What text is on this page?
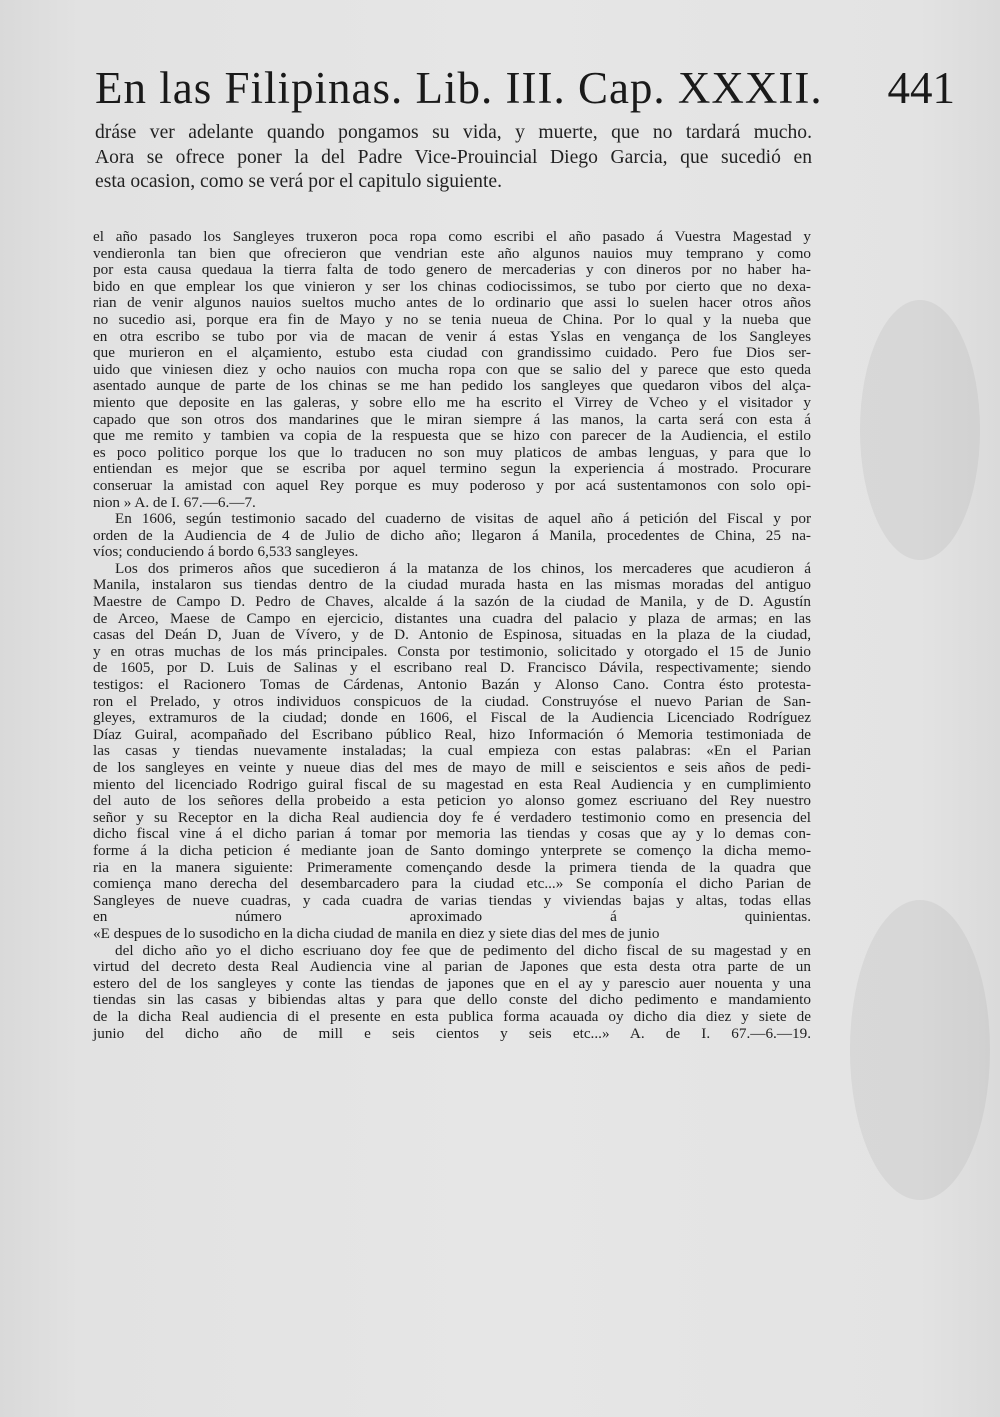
En las Filipinas. Lib. III. Cap. XXXII. 441
dráse ver adelante quando pongamos su vida, y muerte, que no tardará mucho.
Aora se ofrece poner la del Padre Vice-Prouincial Diego Garcia, que sucedió en
esta ocasion, como se verá por el capitulo siguiente.
el año pasado los Sangleyes truxeron poca ropa como escribi el año pasado á Vuestra Magestad y
vendieronla tan bien que ofrecieron que vendrian este año algunos nauios muy temprano y como
por esta causa quedaua la tierra falta de todo genero de mercaderias y con dineros por no haber ha-
bido en que emplear los que vinieron y ser los chinas codiocissimos, se tubo por cierto que no dexa-
rian de venir algunos nauios sueltos mucho antes de lo ordinario que assi lo suelen hacer otros años
no sucedio asi, porque era fin de Mayo y no se tenia nueua de China. Por lo qual y la nueba que
en otra escribo se tubo por via de macan de venir á estas Yslas en vengança de los Sangleyes
que murieron en el alçamiento, estubo esta ciudad con grandissimo cuidado. Pero fue Dios ser-
uido que viniesen diez y ocho nauios con mucha ropa con que se salio del y parece que esto queda
asentado aunque de parte de los chinas se me han pedido los sangleyes que quedaron vibos del alça-
miento que deposite en las galeras, y sobre ello me ha escrito el Virrey de Vcheo y el visitador y
capado que son otros dos mandarines que le miran siempre á las manos, la carta será con esta á
que me remito y tambien va copia de la respuesta que se hizo con parecer de la Audiencia, el estilo
es poco politico porque los que lo traducen no son muy platicos de ambas lenguas, y para que lo
entiendan es mejor que se escriba por aquel termino segun la experiencia á mostrado. Procurare
conseruar la amistad con aquel Rey porque es muy poderoso y por acá sustentamonos con solo opi-
nion » A. de I. 67.—6.—7.
En 1606, según testimonio sacado del cuaderno de visitas de aquel año á petición del Fiscal y por
orden de la Audiencia de 4 de Julio de dicho año; llegaron á Manila, procedentes de China, 25 na-
víos; conduciendo á bordo 6,533 sangleyes.
Los dos primeros años que sucedieron á la matanza de los chinos, los mercaderes que acudieron á
Manila, instalaron sus tiendas dentro de la ciudad murada hasta en las mismas moradas del antiguo
Maestre de Campo D. Pedro de Chaves, alcalde á la sazón de la ciudad de Manila, y de D. Agustín
de Arceo, Maese de Campo en ejercicio, distantes una cuadra del palacio y plaza de armas; en las
casas del Deán D, Juan de Vívero, y de D. Antonio de Espinosa, situadas en la plaza de la ciudad,
y en otras muchas de los más principales. Consta por testimonio, solicitado y otorgado el 15 de Junio
de 1605, por D. Luis de Salinas y el escribano real D. Francisco Dávila, respectivamente; siendo
testigos: el Racionero Tomas de Cárdenas, Antonio Bazán y Alonso Cano. Contra ésto protesta-
ron el Prelado, y otros individuos conspicuos de la ciudad. Construyóse el nuevo Parian de San-
gleyes, extramuros de la ciudad; donde en 1606, el Fiscal de la Audiencia Licenciado Rodríguez
Díaz Guiral, acompañado del Escribano público Real, hizo Información ó Memoria testimoniada de
las casas y tiendas nuevamente instaladas; la cual empieza con estas palabras: «En el Parian
de los sangleyes en veinte y nueue dias del mes de mayo de mill e seiscientos e seis años de pedi-
miento del licenciado Rodrigo guiral fiscal de su magestad en esta Real Audiencia y en cumplimiento
del auto de los señores della probeido a esta peticion yo alonso gomez escriuano del Rey nuestro
señor y su Receptor en la dicha Real audiencia doy fe é verdadero testimonio como en presencia del
dicho fiscal vine á el dicho parian á tomar por memoria las tiendas y cosas que ay y lo demas con-
forme á la dicha peticion é mediante joan de Santo domingo ynterprete se començo la dicha memo-
ria en la manera siguiente: Primeramente començando desde la primera tienda de la quadra que
comiença mano derecha del desembarcadero para la ciudad etc...» Se componía el dicho Parian de
Sangleyes de nueve cuadras, y cada cuadra de varias tiendas y viviendas bajas y altas, todas ellas
en número aproximado á quinientas.
«E despues de lo susodicho en la dicha ciudad de manila en diez y siete dias del mes de junio
del dicho año yo el dicho escriuano doy fee que de pedimento del dicho fiscal de su magestad y en
virtud del decreto desta Real Audiencia vine al parian de Japones que esta desta otra parte de un
estero del de los sangleyes y conte las tiendas de japones que en el ay y parescio auer nouenta y una
tiendas sin las casas y bibiendas altas y para que dello conste del dicho pedimento e mandamiento
de la dicha Real audiencia di el presente en esta publica forma acauada oy dicho dia diez y siete de
junio del dicho año de mill e seis cientos y seis etc...» A. de I. 67.—6.—19.
